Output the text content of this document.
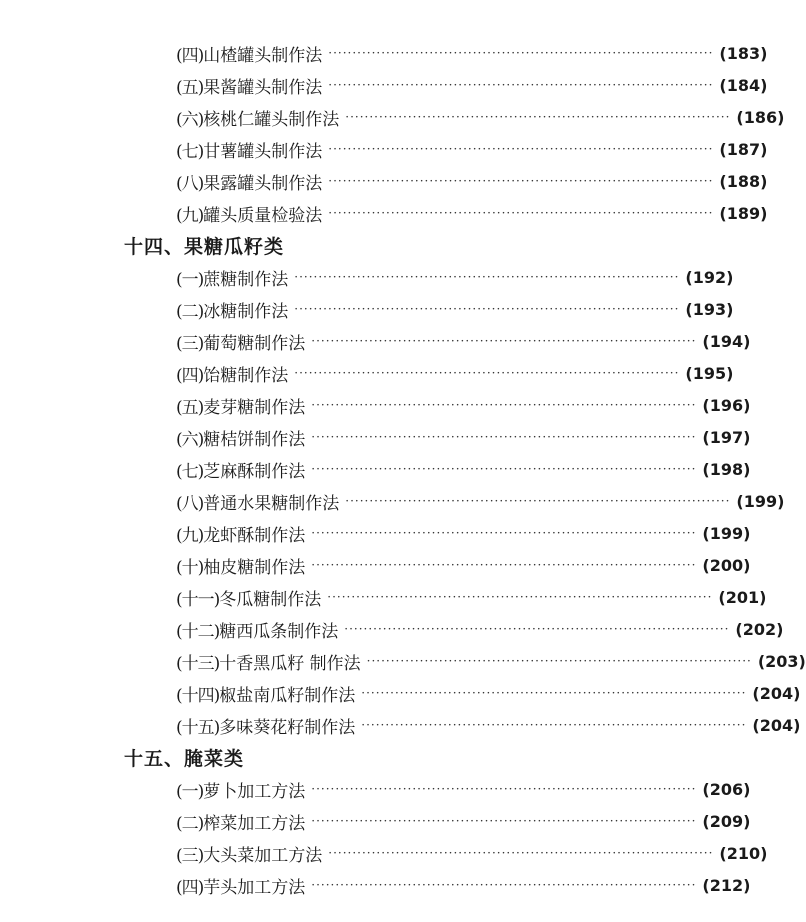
(四) 山楂罐头制作法 ················································································ (183)
(五) 果酱罐头制作法 ················································································ (184)
(六) 核桃仁罐头制作法 ················································································ (186)
(七) 甘薯罐头制作法 ················································································ (187)
(八) 果露罐头制作法 ················································································ (188)
(九) 罐头质量检验法 ················································································ (189)
十四、果糖瓜籽类
(一) 蔗糖制作法 ················································································ (192)
(二) 冰糖制作法 ················································································ (193)
(三) 葡萄糖制作法 ················································································ (194)
(四) 饴糖制作法 ················································································ (195)
(五) 麦芽糖制作法 ················································································ (196)
(六) 糖桔饼制作法 ················································································ (197)
(七) 芝麻酥制作法 ················································································ (198)
(八) 普通水果糖制作法 ················································································ (199)
(九) 龙虾酥制作法 ················································································ (199)
(十) 柚皮糖制作法 ················································································ (200)
(十一) 冬瓜糖制作法 ················································································ (201)
(十二) 糖西瓜条制作法 ················································································ (202)
(十三) 十香黑瓜籽 制作法 ················································································ (203)
(十四) 椒盐南瓜籽制作法 ················································································ (204)
(十五) 多味葵花籽制作法 ················································································ (204)
十五、腌菜类
(一) 萝卜加工方法 ················································································ (206)
(二) 榨菜加工方法 ················································································ (209)
(三) 大头菜加工方法 ················································································ (210)
(四) 芋头加工方法 ················································································ (212)
